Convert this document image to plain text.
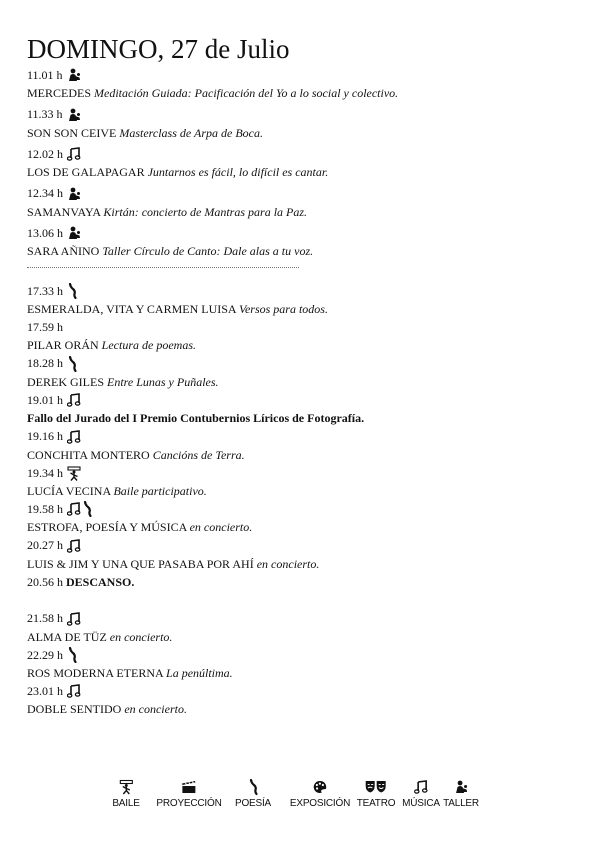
DOMINGO, 27 de Julio
11.01 h
MERCEDES Meditación Guiada: Pacificación del Yo a lo social y colectivo.
11.33 h
SON SON CEIVE Masterclass de Arpa de Boca.
12.02 h
LOS DE GALAPAGAR Juntarnos es fácil, lo difícil es cantar.
12.34 h
SAMANVAYA Kirtán: concierto de Mantras para la Paz.
13.06 h
SARA AÑINO Taller Círculo de Canto: Dale alas a tu voz.
17.33 h
ESMERALDA, VITA Y CARMEN LUISA Versos para todos.
17.59 h
PILAR ORÁN Lectura de poemas.
18.28 h
DEREK GILES Entre Lunas y Puñales.
19.01 h
Fallo del Jurado del I Premio Contubernios Líricos de Fotografía.
19.16 h
CONCHITA MONTERO Cancións de Terra.
19.34 h
LUCÍA VECINA Baile participativo.
19.58 h
ESTROFA, POESÍA Y MÚSICA en concierto.
20.27 h
LUIS & JIM Y UNA QUE PASABA POR AHÍ en concierto.
20.56 h
DESCANSO.
21.58 h
ALMA DE TÜZ en concierto.
22.29 h
ROS MODERNA ETERNA La penúltima.
23.01 h
DOBLE SENTIDO en concierto.
BAILE PROYECCIÓN POESÍA EXPOSICIÓN TEATRO MÚSICA TALLER
